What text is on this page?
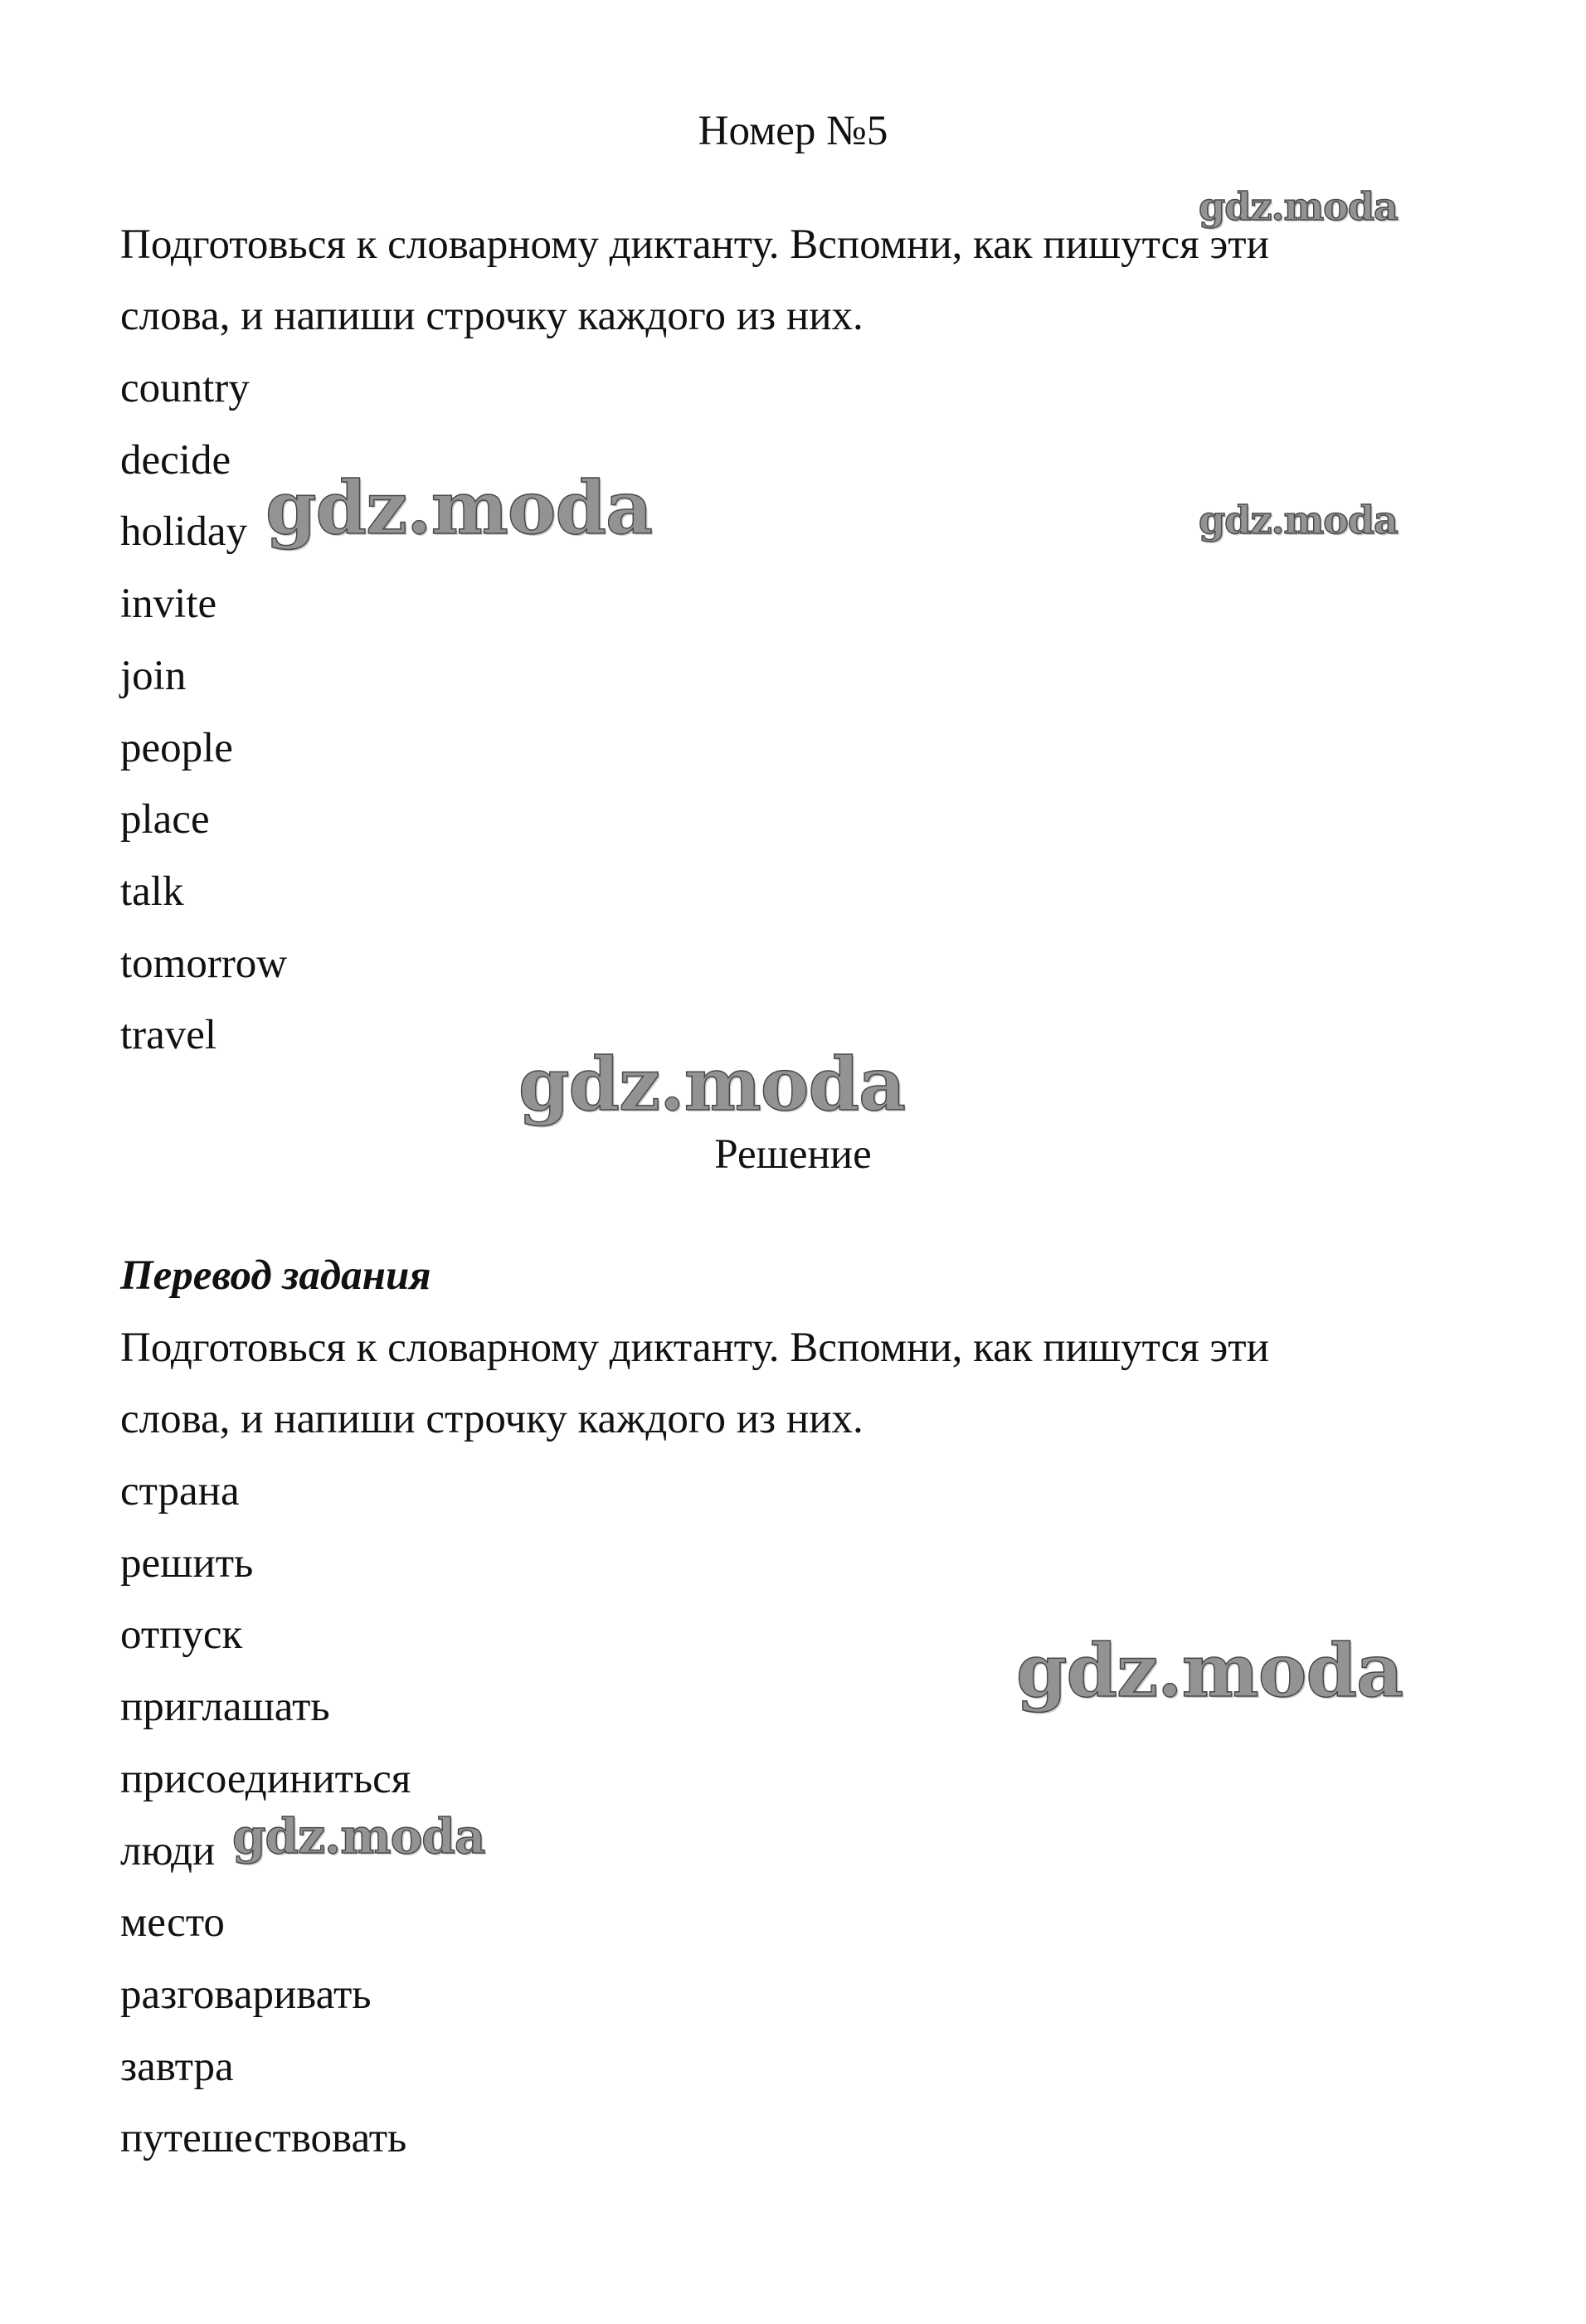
Номер №5
Подготовься к словарному диктанту. Вспомни, как пишутся эти
слова, и напиши строчку каждого из них.
country
decide
holiday
invite
join
people
place
talk
tomorrow
travel
Решение
Перевод задания
Подготовься к словарному диктанту. Вспомни, как пишутся эти
слова, и напиши строчку каждого из них.
страна
решить
отпуск
приглашать
присоединиться
люди
место
разговаривать
завтра
путешествовать
gdz.moda
gdz.moda	gdz.moda
gdz.moda
gdz.moda
gdz.moda
